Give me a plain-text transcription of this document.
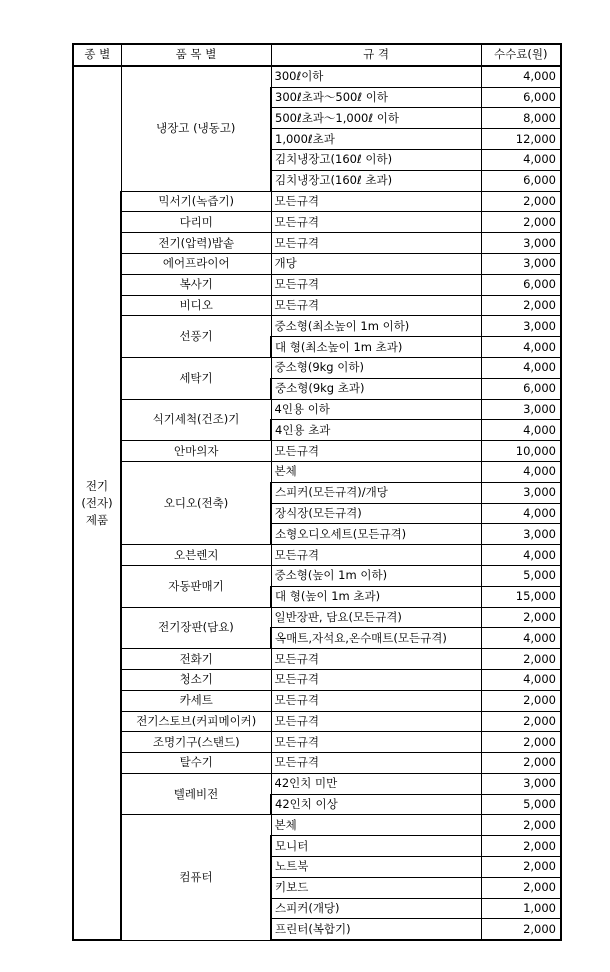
종 별	품 목 별	규 격	수수료(원)
전기 (전자) 제품	냉장고 (냉동고)	300ℓ이하	4,000
		300ℓ초과～500ℓ 이하	6,000
		500ℓ초과～1,000ℓ 이하	8,000
		1,000ℓ초과	12,000
		김치냉장고(160ℓ 이하)	4,000
		김치냉장고(160ℓ 초과)	6,000
	믹서기(녹즙기)	모든규격	2,000
	다리미	모든규격	2,000
	전기(압력)밥솥	모든규격	3,000
	에어프라이어	개당	3,000
	복사기	모든규격	6,000
	비디오	모든규격	2,000
	선풍기	중소형(최소높이 1m 이하)	3,000
		대 형(최소높이 1m 초과)	4,000
	세탁기	중소형(9kg 이하)	4,000
		중소형(9kg 초과)	6,000
	식기세척(건조)기	4인용 이하	3,000
		4인용 초과	4,000
	안마의자	모든규격	10,000
	오디오(전축)	본체	4,000
		스피커(모든규격)/개당	3,000
		장식장(모든규격)	4,000
		소형오디오세트(모든규격)	3,000
	오븐렌지	모든규격	4,000
	자동판매기	중소형(높이 1m 이하)	5,000
		대 형(높이 1m 초과)	15,000
	전기장판(담요)	일반장판, 담요(모든규격)	2,000
		옥매트,자석요,온수매트(모든규격)	4,000
	전화기	모든규격	2,000
	청소기	모든규격	4,000
	카세트	모든규격	2,000
	전기스토브(커피메이커)	모든규격	2,000
	조명기구(스탠드)	모든규격	2,000
	탈수기	모든규격	2,000
	텔레비전	42인치 미만	3,000
		42인치 이상	5,000
	컴퓨터	본체	2,000
		모니터	2,000
		노트북	2,000
		키보드	2,000
		스피커(개당)	1,000
		프린터(복합기)	2,000
